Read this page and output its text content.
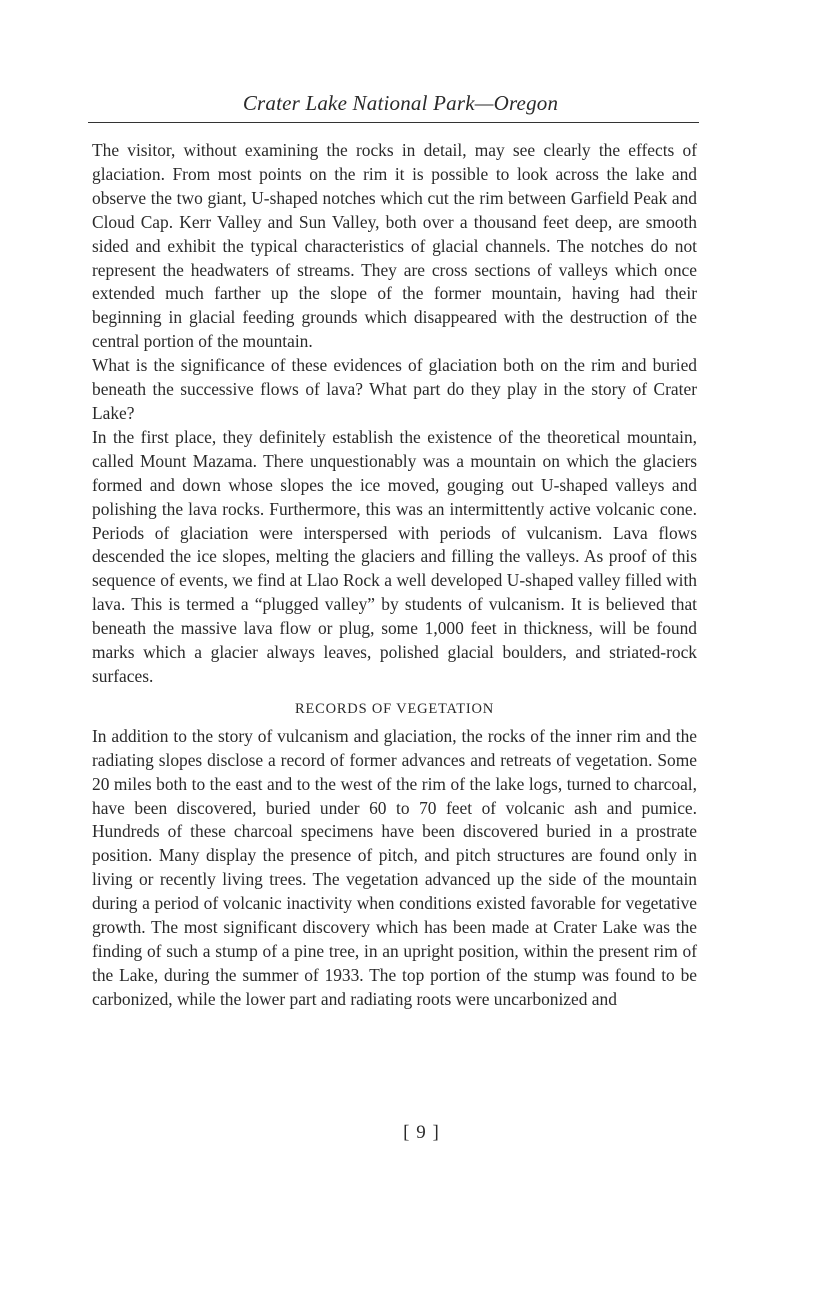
Crater Lake National Park—Oregon

The visitor, without examining the rocks in detail, may see clearly the effects of glaciation. From most points on the rim it is possible to look across the lake and observe the two giant, U-shaped notches which cut the rim between Garfield Peak and Cloud Cap. Kerr Valley and Sun Valley, both over a thousand feet deep, are smooth sided and exhibit the typical characteristics of glacial channels. The notches do not represent the headwaters of streams. They are cross sections of valleys which once extended much farther up the slope of the former mountain, having had their beginning in glacial feeding grounds which disappeared with the destruction of the central portion of the mountain.

What is the significance of these evidences of glaciation both on the rim and buried beneath the successive flows of lava? What part do they play in the story of Crater Lake?

In the first place, they definitely establish the existence of the theoretical mountain, called Mount Mazama. There unquestionably was a mountain on which the glaciers formed and down whose slopes the ice moved, gouging out U-shaped valleys and polishing the lava rocks. Furthermore, this was an intermittently active volcanic cone. Periods of glaciation were interspersed with periods of vulcanism. Lava flows descended the ice slopes, melting the glaciers and filling the valleys. As proof of this sequence of events, we find at Llao Rock a well developed U-shaped valley filled with lava. This is termed a “plugged valley” by students of vulcanism. It is believed that beneath the massive lava flow or plug, some 1,000 feet in thickness, will be found marks which a glacier always leaves, polished glacial boulders, and striated-rock surfaces.

RECORDS OF VEGETATION

In addition to the story of vulcanism and glaciation, the rocks of the inner rim and the radiating slopes disclose a record of former advances and retreats of vegetation. Some 20 miles both to the east and to the west of the rim of the lake logs, turned to charcoal, have been discovered, buried under 60 to 70 feet of volcanic ash and pumice. Hundreds of these charcoal specimens have been discovered buried in a prostrate position. Many display the presence of pitch, and pitch structures are found only in living or recently living trees. The vegetation advanced up the side of the mountain during a period of volcanic inactivity when conditions existed favorable for vegetative growth. The most significant discovery which has been made at Crater Lake was the finding of such a stump of a pine tree, in an upright position, within the present rim of the Lake, during the summer of 1933. The top portion of the stump was found to be carbonized, while the lower part and radiating roots were uncarbonized and

[ 9 ]
